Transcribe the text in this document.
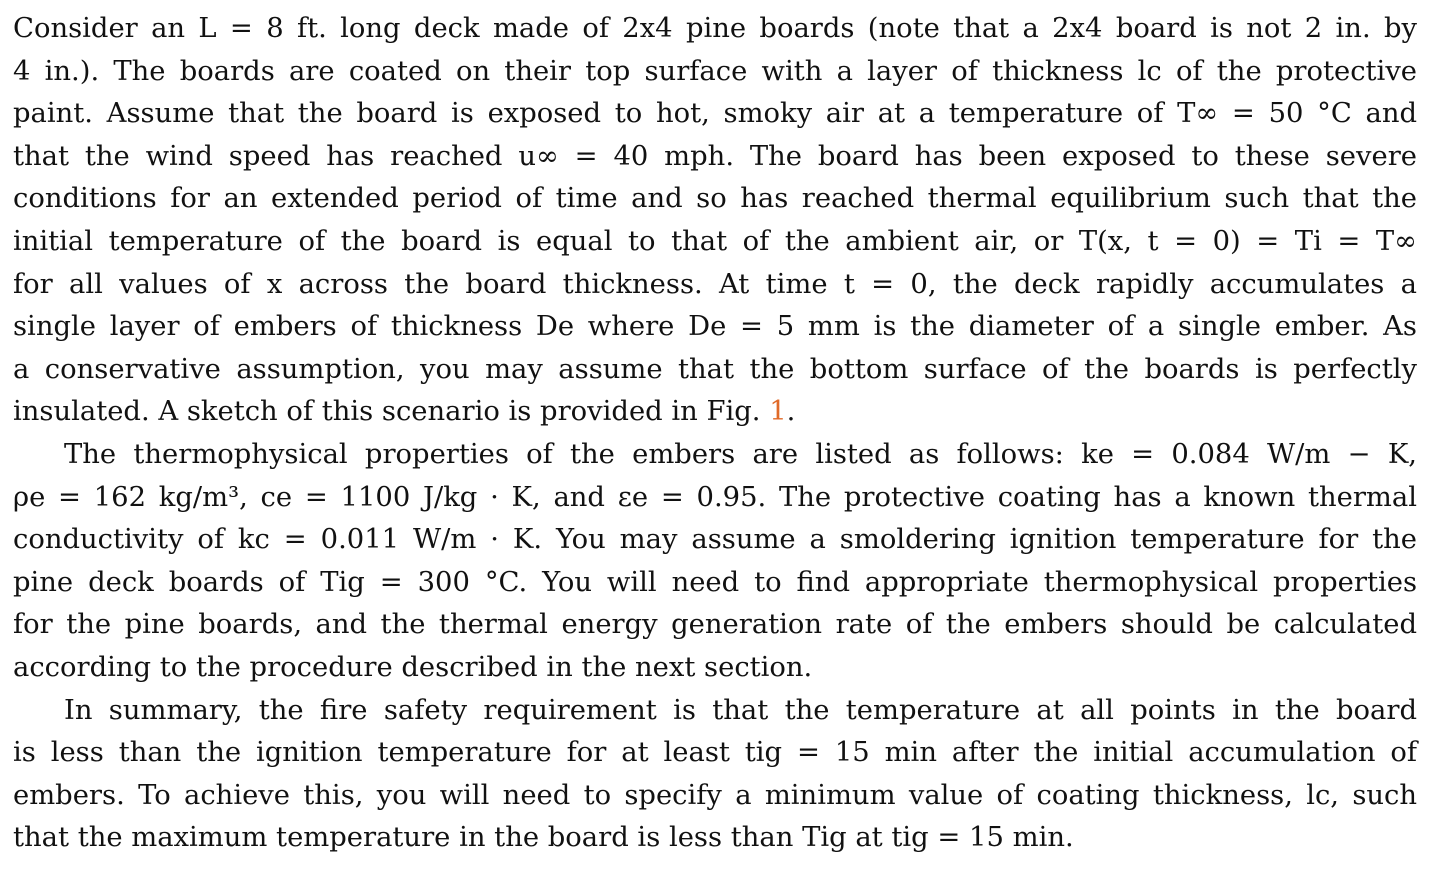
Consider an L = 8 ft. long deck made of 2x4 pine boards (note that a 2x4 board is not 2 in. by
4 in.). The boards are coated on their top surface with a layer of thickness lc of the protective
paint. Assume that the board is exposed to hot, smoky air at a temperature of T∞ = 50 °C and
that the wind speed has reached u∞ = 40 mph. The board has been exposed to these severe
conditions for an extended period of time and so has reached thermal equilibrium such that the
initial temperature of the board is equal to that of the ambient air, or T(x, t = 0) = Ti = T∞
for all values of x across the board thickness. At time t = 0, the deck rapidly accumulates a
single layer of embers of thickness De where De = 5 mm is the diameter of a single ember. As
a conservative assumption, you may assume that the bottom surface of the boards is perfectly
insulated. A sketch of this scenario is provided in Fig. 1.
The thermophysical properties of the embers are listed as follows: ke = 0.084 W/m − K,
ρe = 162 kg/m³, ce = 1100 J/kg · K, and εe = 0.95. The protective coating has a known thermal
conductivity of kc = 0.011 W/m · K. You may assume a smoldering ignition temperature for the
pine deck boards of Tig = 300 °C. You will need to find appropriate thermophysical properties
for the pine boards, and the thermal energy generation rate of the embers should be calculated
according to the procedure described in the next section.
In summary, the fire safety requirement is that the temperature at all points in the board
is less than the ignition temperature for at least tig = 15 min after the initial accumulation of
embers. To achieve this, you will need to specify a minimum value of coating thickness, lc, such
that the maximum temperature in the board is less than Tig at tig = 15 min.
